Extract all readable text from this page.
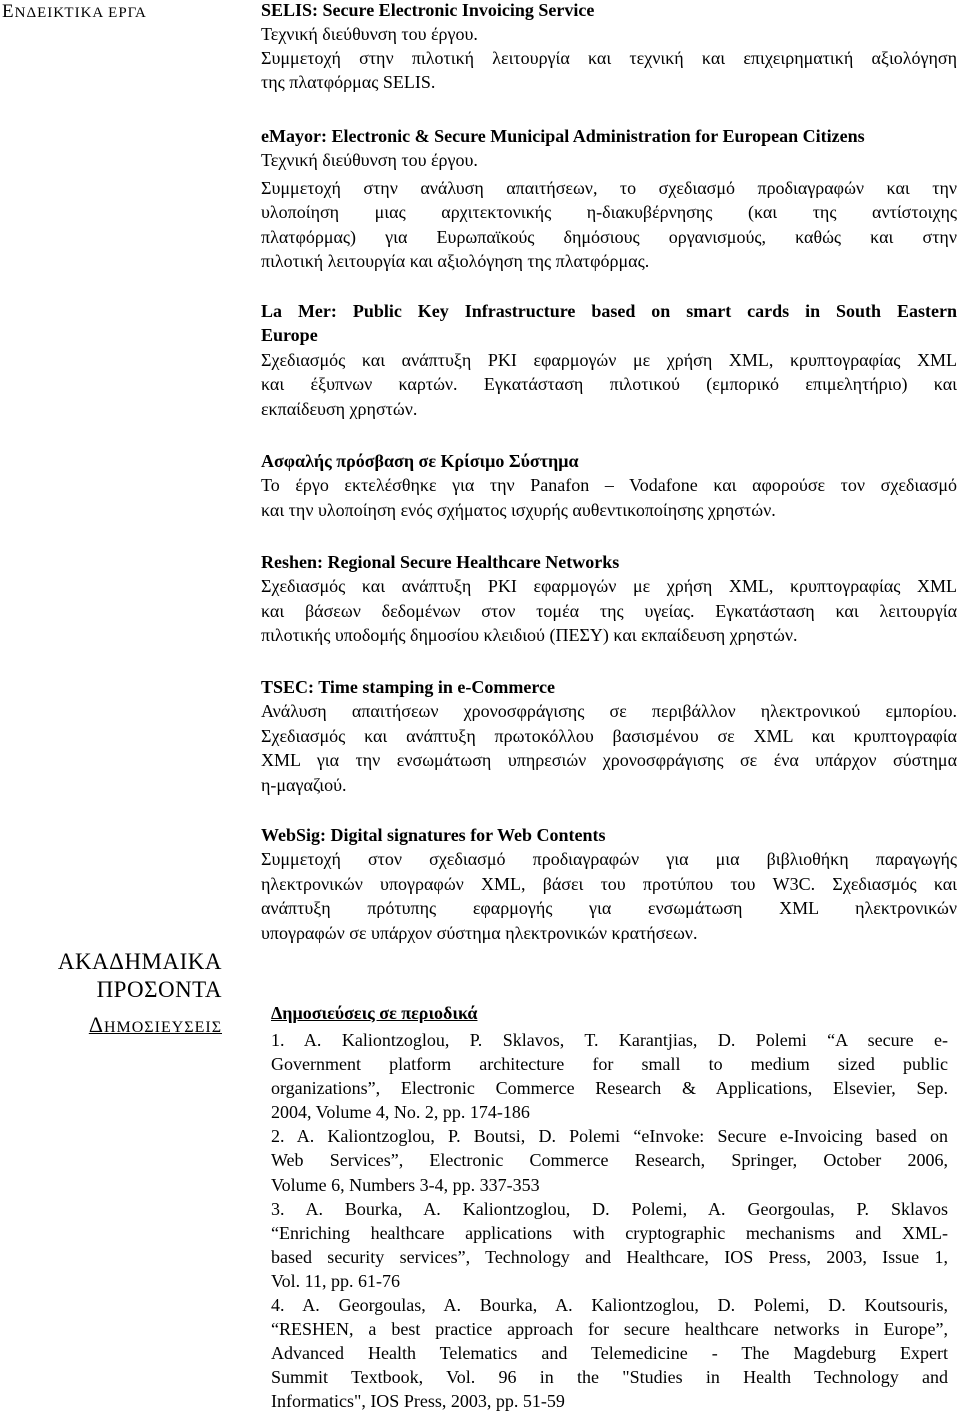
ΕΝΔΕΙΚΤΙΚΑ ΕΡΓΑ
ΑΚΑΔΗΜΑΙΚΑ
ΠΡΟΣΟΝΤΑ
ΔΗΜΟΣΙΕΥΣΕΙΣ
SELIS: Secure Electronic Invoicing Service
Τεχνική διεύθυνση του έργου.
Συμμετοχή στην πιλοτική λειτουργία και τεχνική και επιχειρηματική αξιολόγηση
της πλατφόρμας SELIS.
eMayor: Electronic & Secure Municipal Administration for European Citizens
Τεχνική διεύθυνση του έργου.
Συμμετοχή στην ανάλυση απαιτήσεων, το σχεδιασμό προδιαγραφών και την
υλοποίηση μιας αρχιτεκτονικής η-διακυβέρνησης (και της αντίστοιχης
πλατφόρμας) για Ευρωπαϊκούς δημόσιους οργανισμούς, καθώς και στην
πιλοτική λειτουργία και αξιολόγηση της πλατφόρμας.
La Mer: Public Key Infrastructure based on smart cards in South Eastern
Europe
Σχεδιασμός και ανάπτυξη PKI εφαρμογών με χρήση XML, κρυπτογραφίας XML
και έξυπνων καρτών. Εγκατάσταση πιλοτικού (εμπορικό επιμελητήριο) και
εκπαίδευση χρηστών.
Ασφαλής πρόσβαση σε Κρίσιμο Σύστημα
Το έργο εκτελέσθηκε για την Panafon – Vodafone και αφορούσε τον σχεδιασμό
και την υλοποίηση ενός σχήματος ισχυρής αυθεντικοποίησης χρηστών.
Reshen: Regional Secure Healthcare Networks
Σχεδιασμός και ανάπτυξη PKI εφαρμογών με χρήση XML, κρυπτογραφίας XML
και βάσεων δεδομένων στον τομέα της υγείας. Εγκατάσταση και λειτουργία
πιλοτικής υποδομής δημοσίου κλειδιού (ΠΕΣΥ) και εκπαίδευση χρηστών.
TSEC: Time stamping in e-Commerce
Ανάλυση απαιτήσεων χρονοσφράγισης σε περιβάλλον ηλεκτρονικού εμπορίου.
Σχεδιασμός και ανάπτυξη πρωτοκόλλου βασισμένου σε XML και κρυπτογραφία
XML για την ενσωμάτωση υπηρεσιών χρονοσφράγισης σε ένα υπάρχον σύστημα
η-μαγαζιού.
WebSig: Digital signatures for Web Contents
Συμμετοχή στον σχεδιασμό προδιαγραφών για μια βιβλιοθήκη παραγωγής
ηλεκτρονικών υπογραφών XML, βάσει του προτύπου του W3C. Σχεδιασμός και
ανάπτυξη πρότυπης εφαρμογής για ενσωμάτωση XML ηλεκτρονικών
υπογραφών σε υπάρχον σύστημα ηλεκτρονικών κρατήσεων.
Δημοσιεύσεις σε περιοδικά
1. A. Kaliontzoglou, P. Sklavos, T. Karantjias, D. Polemi “A secure e-
Government platform architecture for small to medium sized public
organizations”, Electronic Commerce Research & Applications, Elsevier, Sep.
2004, Volume 4, No. 2, pp. 174-186
2. A. Kaliontzoglou, P. Boutsi, D. Polemi “eInvoke: Secure e-Invoicing based on
Web Services”, Electronic Commerce Research, Springer, October 2006,
Volume 6, Numbers 3-4, pp. 337-353
3. A. Bourka, A. Kaliontzoglou, D. Polemi, A. Georgoulas, P. Sklavos
“Enriching healthcare applications with cryptographic mechanisms and XML-
based security services”, Technology and Healthcare, IOS Press, 2003, Issue 1,
Vol. 11, pp. 61-76
4. A. Georgoulas, A. Bourka, A. Kaliontzoglou, D. Polemi, D. Koutsouris,
“RESHEN, a best practice approach for secure healthcare networks in Europe”,
Advanced Health Telematics and Telemedicine - The Magdeburg Expert
Summit Textbook, Vol. 96 in the "Studies in Health Technology and
Informatics", IOS Press, 2003, pp. 51-59
